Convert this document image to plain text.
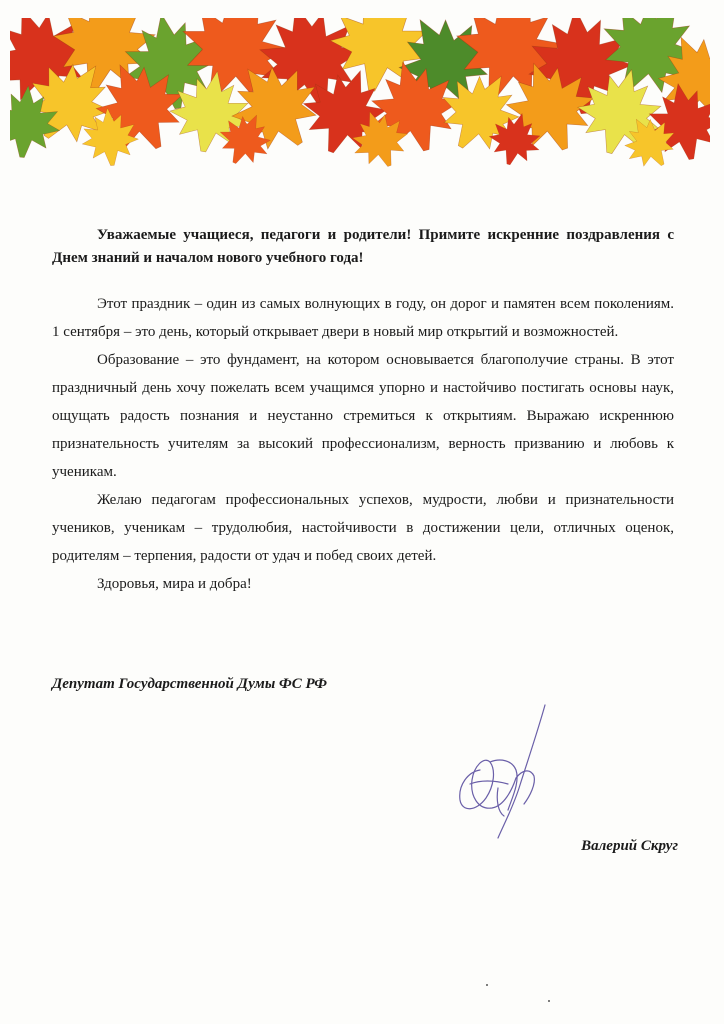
Уважаемые учащиеся, педагоги и родители! Примите искренние поздравления с Днем знаний и началом нового учебного года!

Этот праздник – один из самых волнующих в году, он дорог и памятен всем поколениям. 1 сентября – это день, который открывает двери в новый мир открытий и возможностей.

Образование – это фундамент, на котором основывается благополучие страны. В этот праздничный день хочу пожелать всем учащимся упорно и настойчиво постигать основы наук, ощущать радость познания и неустанно стремиться к открытиям. Выражаю искреннюю признательность учителям за высокий профессионализм, верность призванию и любовь к ученикам.

Желаю педагогам профессиональных успехов, мудрости, любви и признательности учеников, ученикам – трудолюбия, настойчивости в достижении цели, отличных оценок, родителям – терпения, радости от удач и побед своих детей.

Здоровья, мира и добра!

Депутат Государственной Думы ФС РФ
Валерий Скруг
